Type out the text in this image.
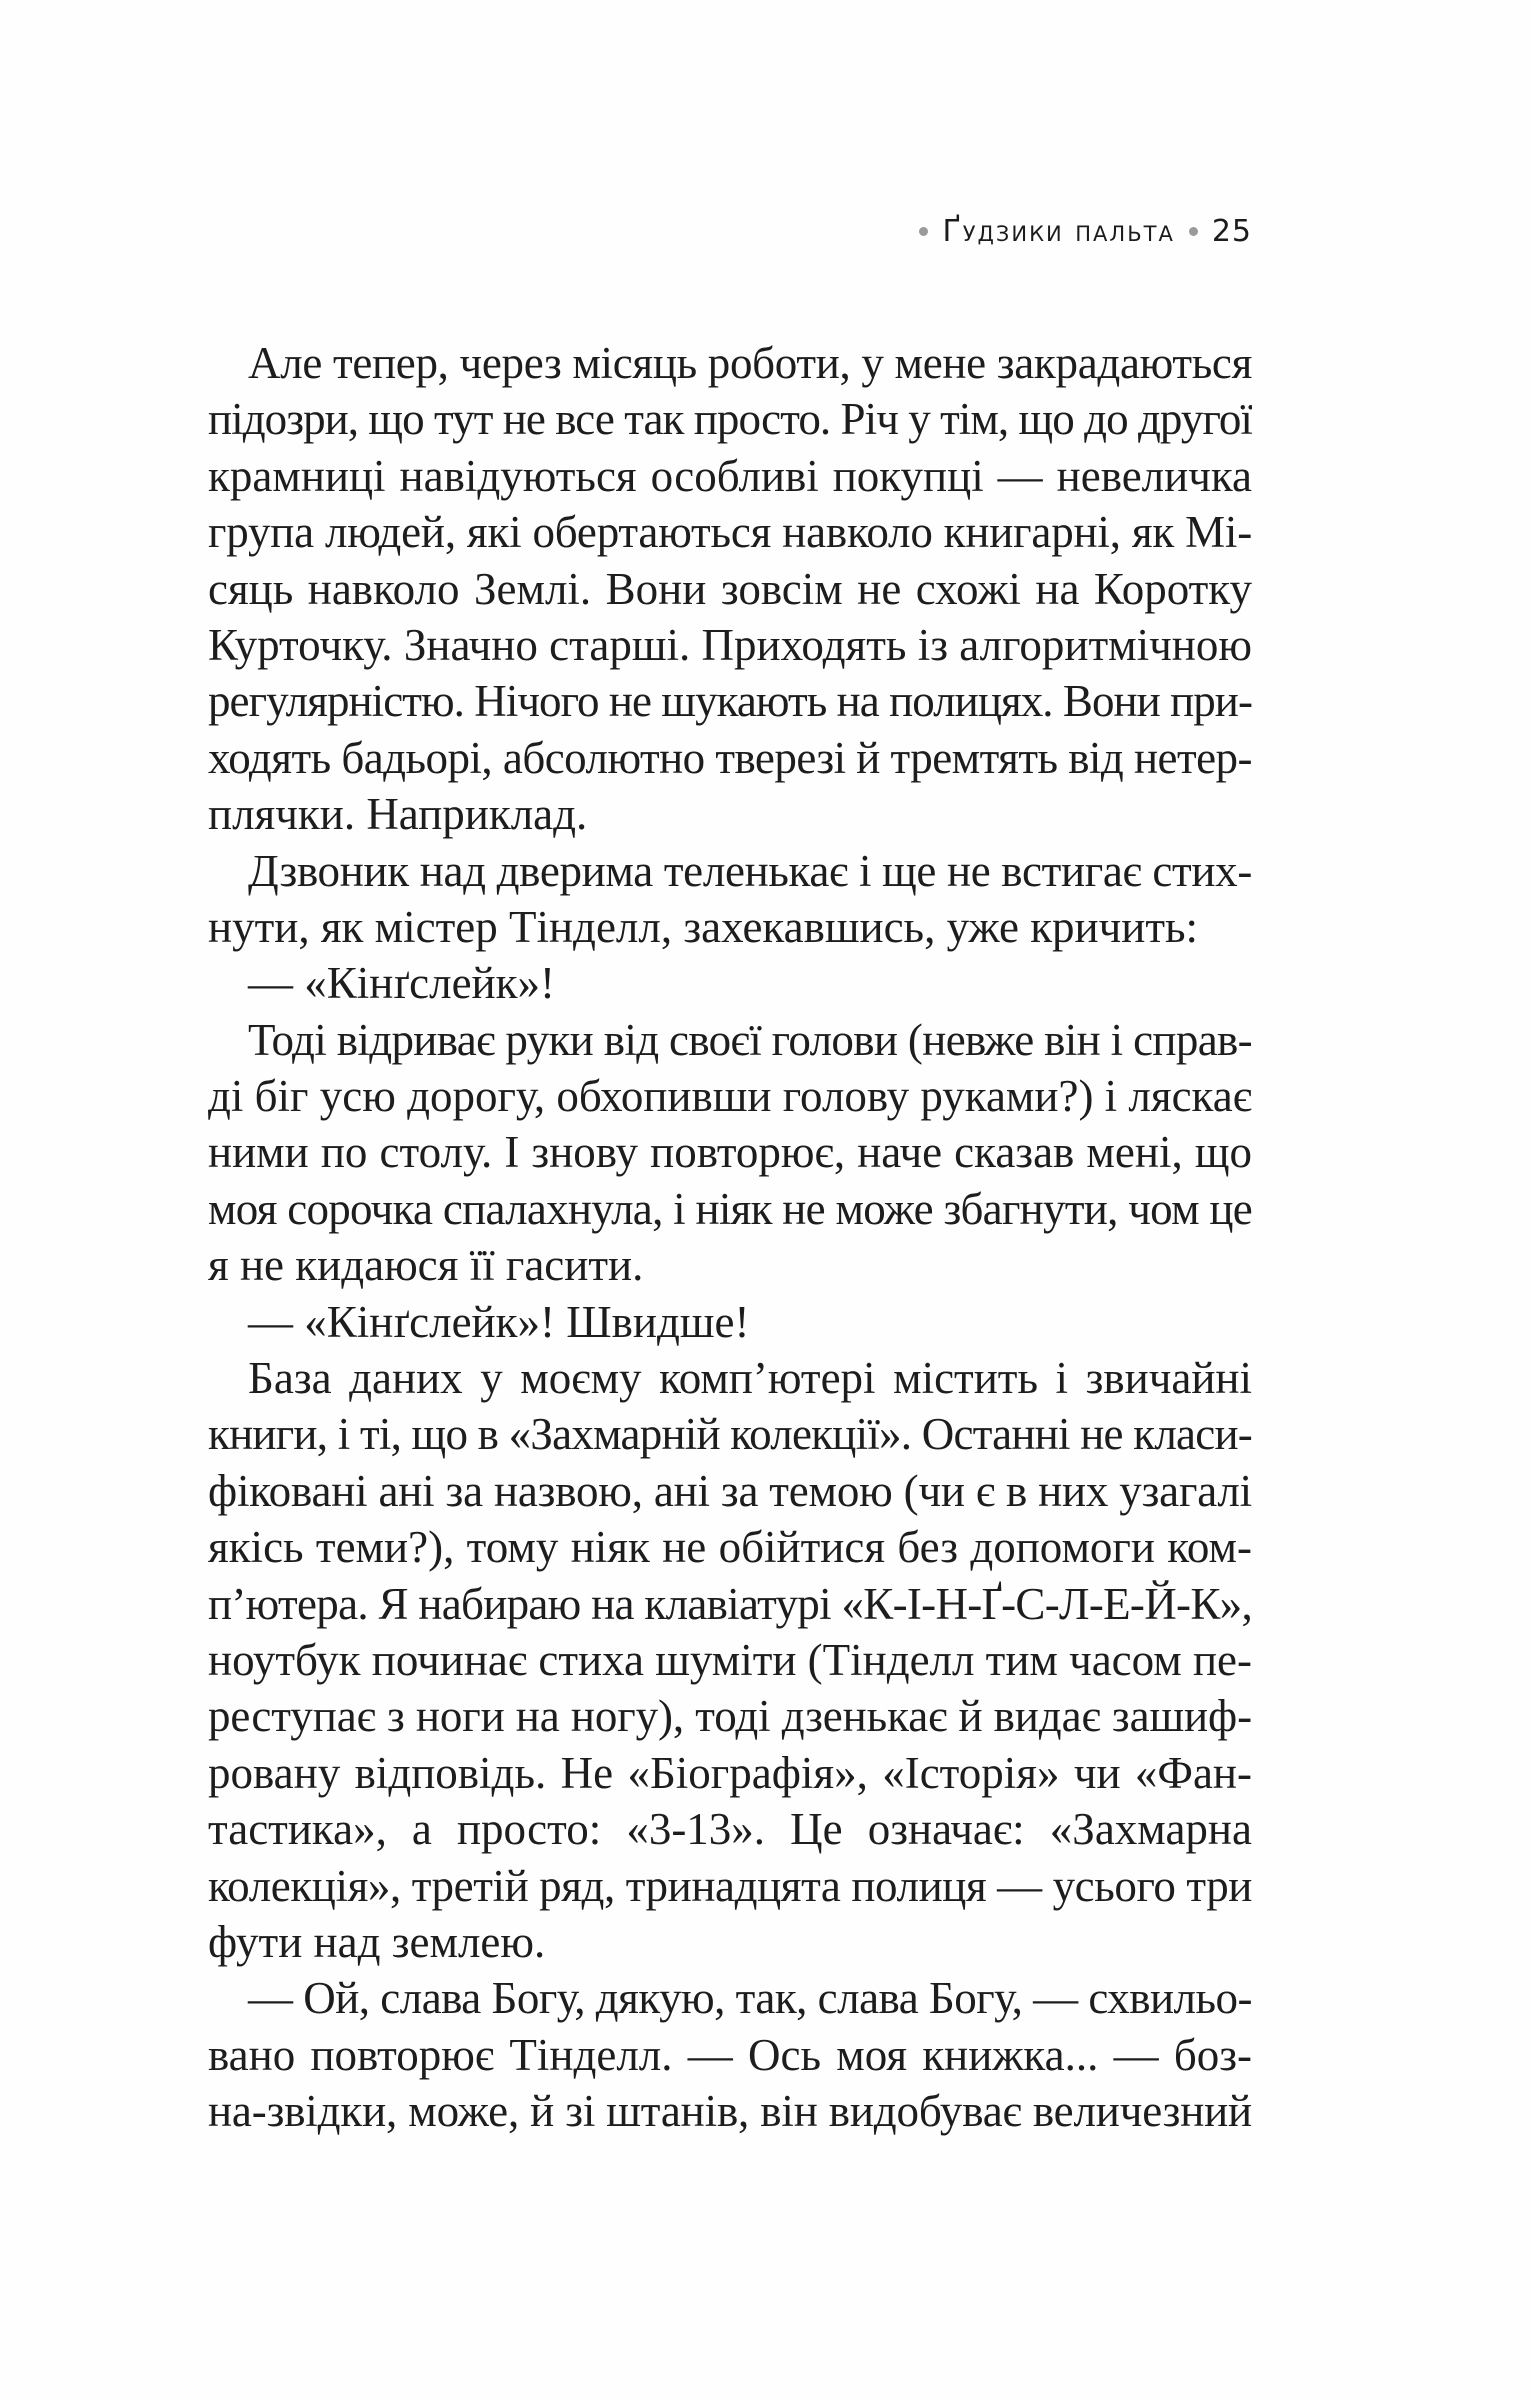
Ґудзики пальта 25
Але тепер, через місяць роботи, у мене закрадаються
підозри, що тут не все так просто. Річ у тім, що до другої
крамниці навідуються особливі покупці — невеличка
група людей, які обертаються навколо книгарні, як Мі-
сяць навколо Землі. Вони зовсім не схожі на Коротку
Курточку. Значно старші. Приходять із алгоритмічною
регулярністю. Нічого не шукають на полицях. Вони при-
ходять бадьорі, абсолютно тверезі й тремтять від нетер-
плячки. Наприклад.
Дзвоник над дверима теленькає і ще не встигає стих-
нути, як містер Тінделл, захекавшись, уже кричить:
— «Кінґслейк»!
Тоді відриває руки від своєї голови (невже він і справ-
ді біг усю дорогу, обхопивши голову руками?) і ляскає
ними по столу. І знову повторює, наче сказав мені, що
моя сорочка спалахнула, і ніяк не може збагнути, чом це
я не кидаюся її гасити.
— «Кінґслейк»! Швидше!
База даних у моєму комп’ютері містить і звичайні
книги, і ті, що в «Захмарній колекції». Останні не класи-
фіковані ані за назвою, ані за темою (чи є в них узагалі
якісь теми?), тому ніяк не обійтися без допомоги ком-
п’ютера. Я набираю на клавіатурі «К-І-Н-Ґ-С-Л-Е-Й-К»,
ноутбук починає стиха шуміти (Тінделл тим часом пе-
реступає з ноги на ногу), тоді дзенькає й видає зашиф-
ровану відповідь. Не «Біографія», «Історія» чи «Фан-
тастика», а просто: «3-13». Це означає: «Захмарна
колекція», третій ряд, тринадцята полиця — усього три
фути над землею.
— Ой, слава Богу, дякую, так, слава Богу, — схвильо-
вано повторює Тінделл. — Ось моя книжка... — боз-
на-звідки, може, й зі штанів, він видобуває величезний
